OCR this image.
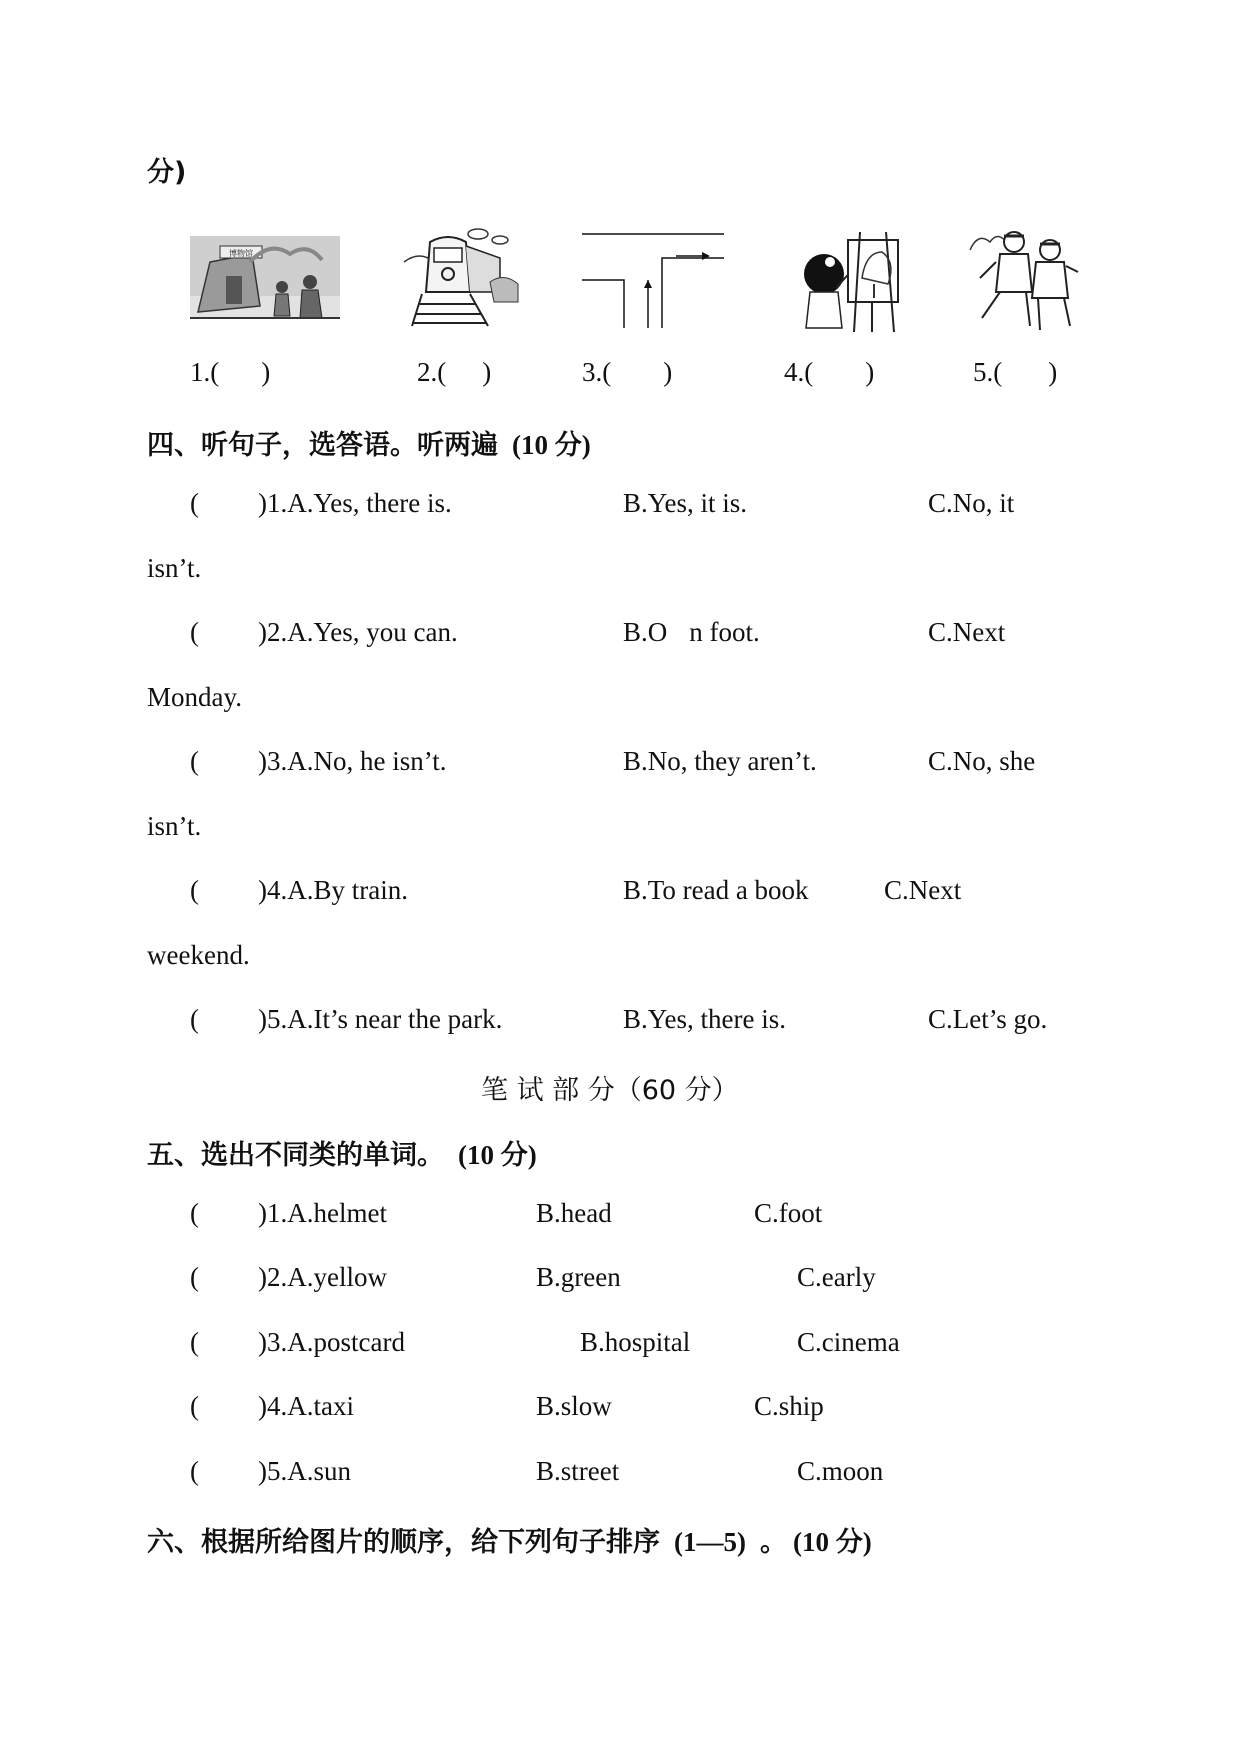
分)
博物馆
1.( )	2.( )	3.( )	4.( )	5.( )
四、听句子，选答语。听两遍 (10 分)
( )1.A.Yes, there is.	B.Yes, it is.	C.No, it
isn’t.
( )2.A.Yes, you can.	B.O n foot.	C.Next
Monday.
( )3.A.No, he isn’t.	B.No, they aren’t.	C.No, she
isn’t.
( )4.A.By train.	B.To read a book	C.Next
weekend.
( )5.A.It’s near the park.	B.Yes, there is.	C.Let’s go.
笔 试 部 分（60 分）
五、选出不同类的单词。 (10 分)
( )1.A.helmet	B.head	C.foot
( )2.A.yellow	B.green	C.early
( )3.A.postcard	B.hospital	C.cinema
( )4.A.taxi	B.slow	C.ship
( )5.A.sun	B.street	C.moon
六、根据所给图片的顺序，给下列句子排序 (1—5) 。 (10 分)
